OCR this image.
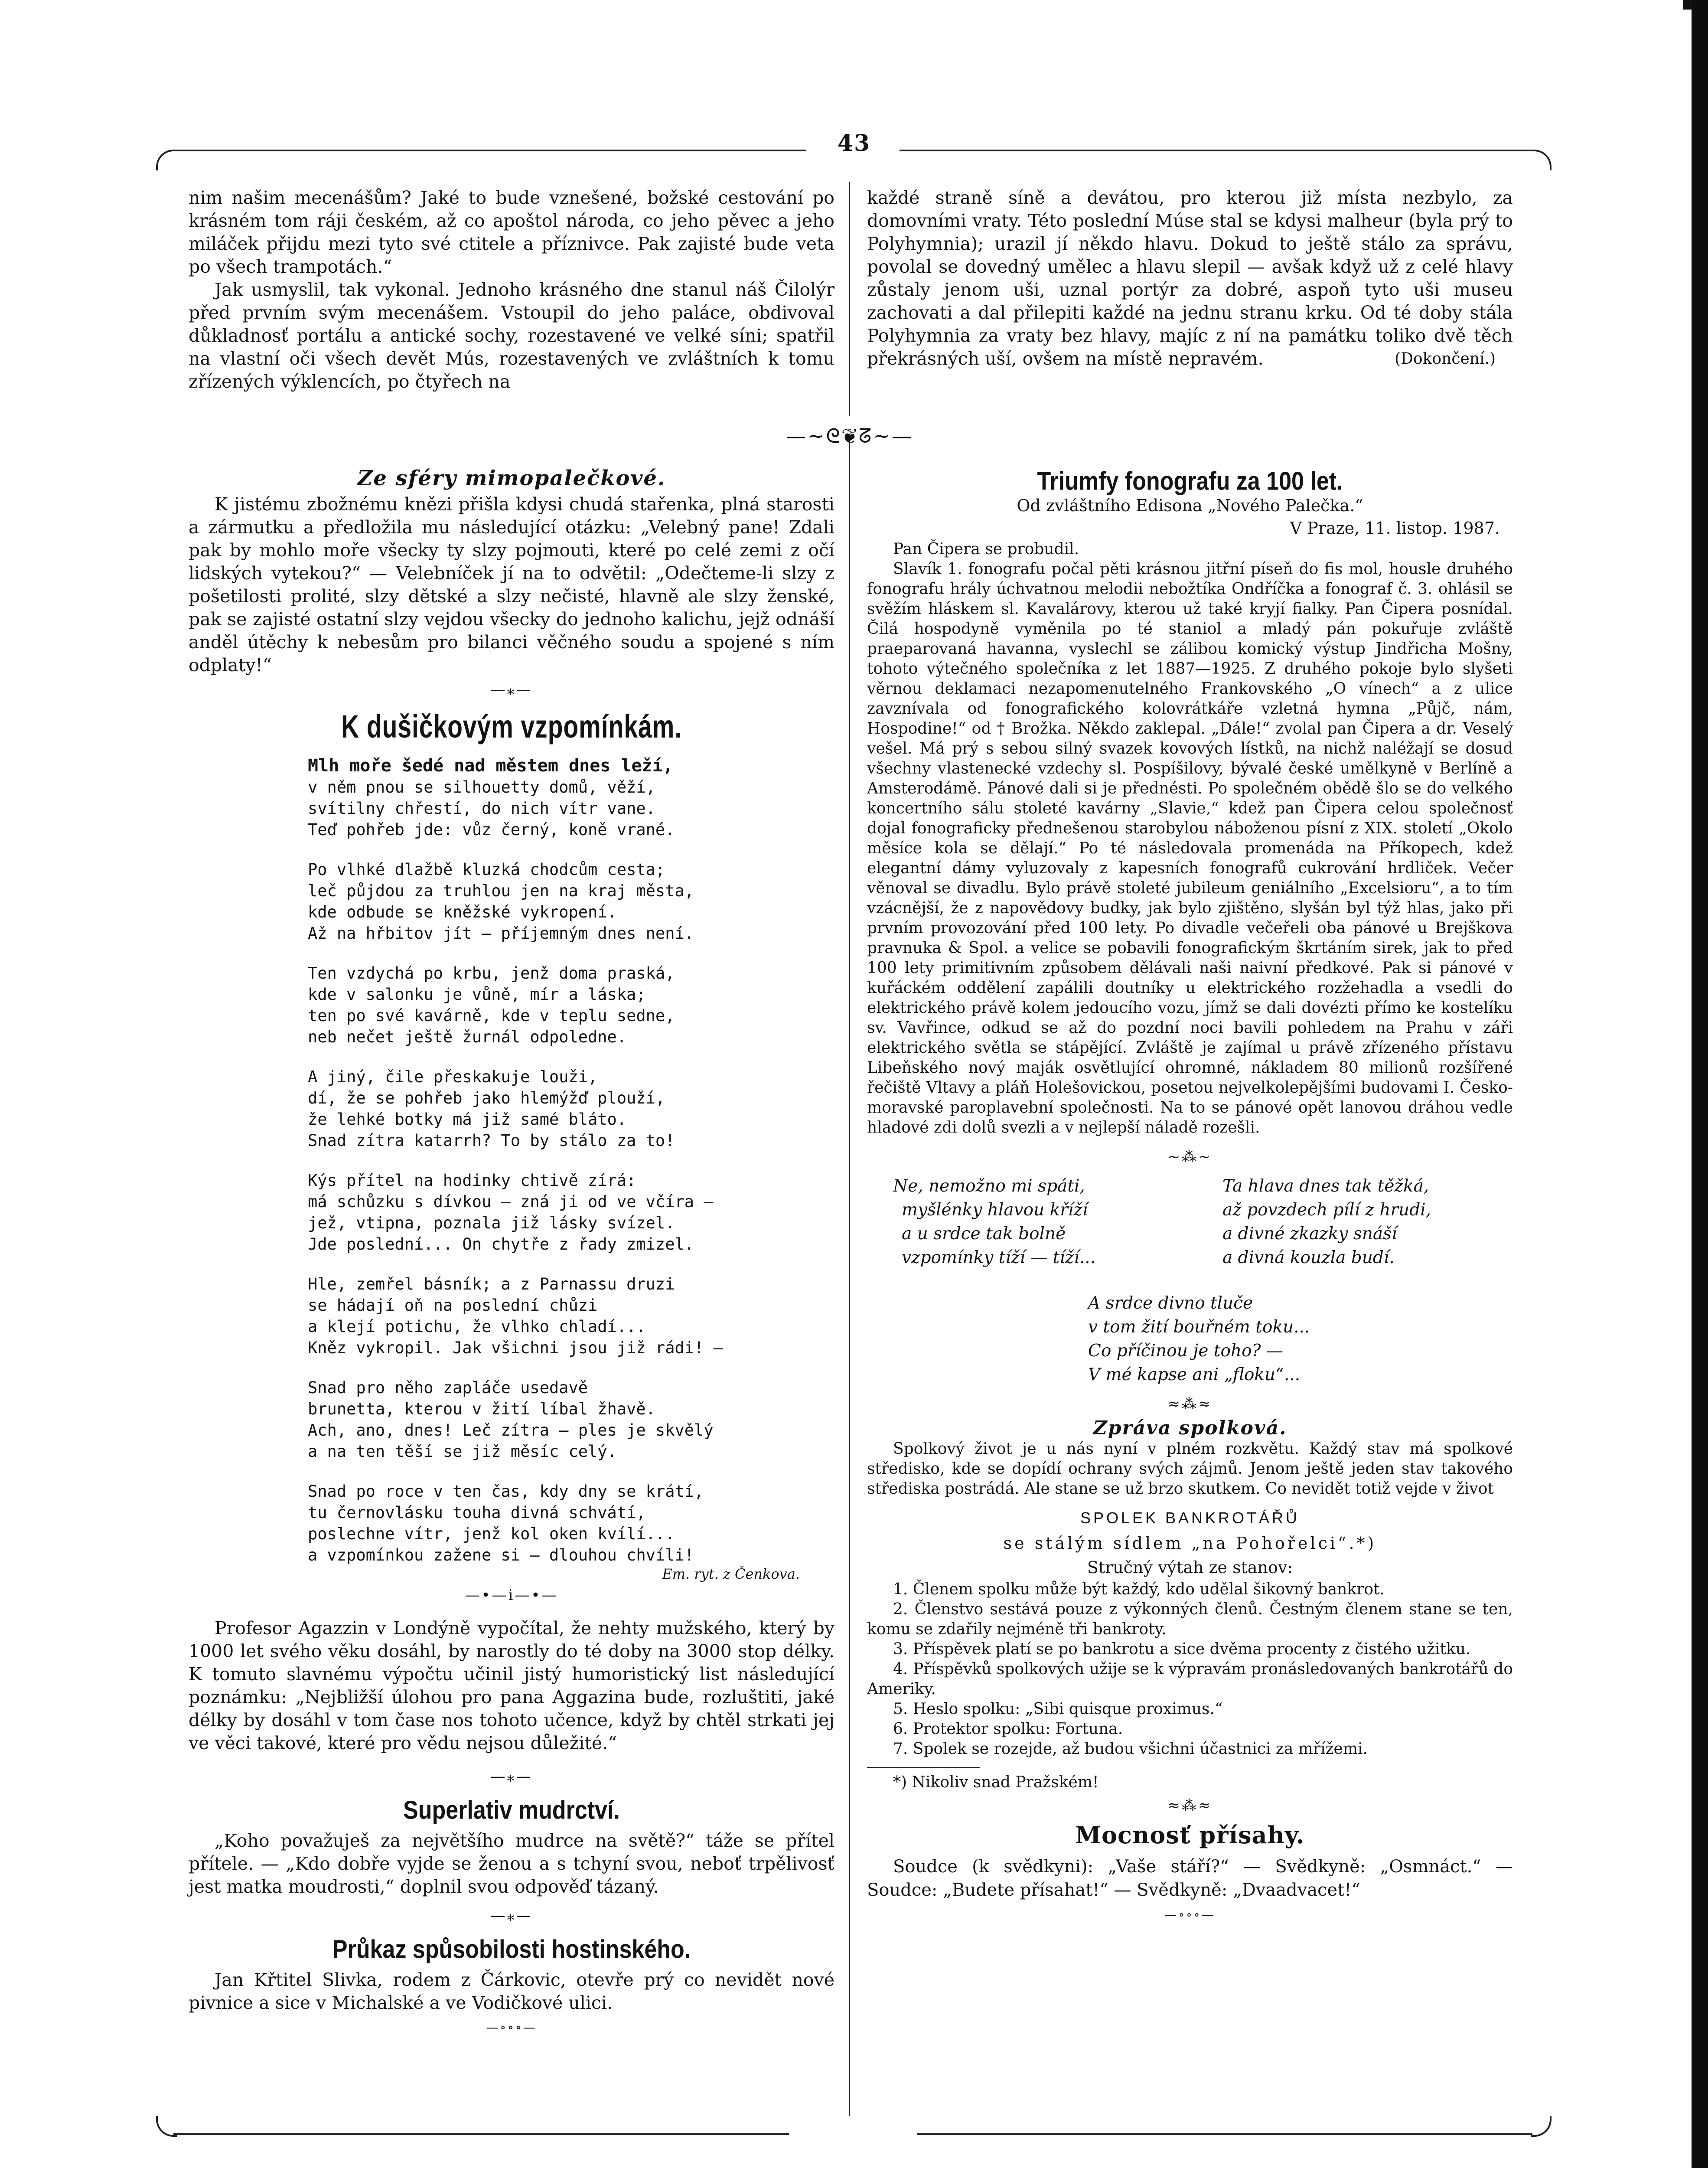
43

nim našim mecenášům? Jaké to bude vznešené, božské cestování po krásném tom ráji českém, až co apoštol národa, co jeho pěvec a jeho miláček přijdu mezi tyto své ctitele a příznivce. Pak zajisté bude veta po všech trampotách.“

Jak usmyslil, tak vykonal. Jednoho krásného dne stanul náš Čilolýr před prvním svým mecenášem. Vstoupil do jeho paláce, obdivoval důkladnosť portálu a antické sochy, rozestavené ve velké síni; spatřil na vlastní oči všech devět Mús, rozestavených ve zvláštních k tomu zřízených výklencích, po čtyřech na

každé straně síně a devátou, pro kterou již místa nezbylo, za domovními vraty. Této poslední Múse stal se kdysi malheur (byla prý to Polyhymnia); urazil jí někdo hlavu. Dokud to ještě stálo za správu, povolal se dovedný umělec a hlavu slepil — avšak když už z celé hlavy zůstaly jenom uši, uznal portýr za dobré, aspoň tyto uši museu zachovati a dal přilepiti každé na jednu stranu krku. Od té doby stála Polyhymnia za vraty bez hlavy, majíc z ní na památku toliko dvě těch překrásných uší, ovšem na místě nepravém.	(Dokončení.)

—~ᘓ❦ᘔ~—
Ze sféry mimopalečkové.

K jistému zbožnému knězi přišla kdysi chudá stařenka, plná starosti a zármutku a předložila mu následující otázku: „Velebný pane! Zdali pak by mohlo moře všecky ty slzy pojmouti, které po celé zemi z očí lidských vytekou?“ — Velebníček jí na to odvětil: „Odečteme-li slzy z pošetilosti prolité, slzy dětské a slzy nečisté, hlavně ale slzy ženské, pak se zajisté ostatní slzy vejdou všecky do jednoho kalichu, jejž odnáší anděl útěchy k nebesům pro bilanci věčného soudu a spojené s ním odplaty!“

—⁎—
K dušičkovým vzpomínkám.
Mlh moře šedé nad městem dnes leží,
v něm pnou se silhouetty domů, věží,
svítilny chřestí, do nich vítr vane.
Teď pohřeb jde: vůz černý, koně vrané.
Po vlhké dlažbě kluzká chodcům cesta;
leč půjdou za truhlou jen na kraj města,
kde odbude se kněžské vykropení.
Až na hřbitov jít — příjemným dnes není.
Ten vzdychá po krbu, jenž doma praská,
kde v salonku je vůně, mír a láska;
ten po své kavárně, kde v teplu sedne,
neb nečet ještě žurnál odpoledne.
A jiný, čile přeskakuje louži,
dí, že se pohřeb jako hlemýžď plouží,
že lehké botky má již samé bláto.
Snad zítra katarrh? To by stálo za to!
Kýs přítel na hodinky chtivě zírá:
má schůzku s dívkou — zná ji od ve včíra —
jež, vtipna, poznala již lásky svízel.
Jde poslední... On chytře z řady zmizel.
Hle, zemřel básník; a z Parnassu druzi
se hádají oň na poslední chůzi
a klejí potichu, že vlhko chladí...
Kněz vykropil. Jak všichni jsou již rádi! —
Snad pro něho zapláče usedavě
brunetta, kterou v žití líbal žhavě.
Ach, ano, dnes! Leč zítra — ples je skvělý
a na ten těší se již měsíc celý.
Snad po roce v ten čas, kdy dny se krátí,
tu černovlásku touha divná schvátí,
poslechne vítr, jenž kol oken kvílí...
a vzpomínkou zažene si — dlouhou chvíli!
Em. ryt. z Čenkova.
—•—i—•—

Profesor Agazzin v Londýně vypočítal, že nehty mužského, který by 1000 let svého věku dosáhl, by narostly do té doby na 3000 stop délky. K tomuto slavnému výpočtu učinil jistý humoristický list následující poznámku: „Nejbližší úlohou pro pana Aggazina bude, rozluštiti, jaké délky by dosáhl v tom čase nos tohoto učence, když by chtěl strkati jej ve věci takové, které pro vědu nejsou důležité.“

—⁎—
Superlativ mudrctví.

„Koho považuješ za největšího mudrce na světě?“ táže se přítel přítele. — „Kdo dobře vyjde se ženou a s tchyní svou, neboť trpělivosť jest matka moudrosti,“ doplnil svou odpověď tázaný.

—⁎—
Průkaz spůsobilosti hostinského.

Jan Křtitel Slivka, rodem z Čárkovic, otevře prý co nevidět nové pivnice a sice v Michalské a ve Vodičkové ulici.

—∘∘∘—
Triumfy fonografu za 100 let.
Od zvláštního Edisona „Nového Palečka.“
V Praze, 11. listop. 1987.

Pan Čipera se probudil.

Slavík 1. fonografu počal pěti krásnou jitřní píseň do fis mol, housle druhého fonografu hrály úchvatnou melodii nebožtíka Ondříčka a fonograf č. 3. ohlásil se svěžím hláskem sl. Kavalárovy, kterou už také kryjí fialky. Pan Čipera posnídal. Čilá hospodyně vyměnila po té staniol a mladý pán pokuřuje zvláště praeparovaná havanna, vyslechl se zálibou komický výstup Jindřicha Mošny, tohoto výtečného společníka z let 1887—1925. Z druhého pokoje bylo slyšeti věrnou deklamaci nezapomenutelného Frankovského „O vínech“ a z ulice zavznívala od fonografického kolovrátkáře vzletná hymna „Půjč, nám, Hospodine!“ od † Brožka. Někdo zaklepal. „Dále!“ zvolal pan Čipera a dr. Veselý vešel. Má prý s sebou silný svazek kovových lístků, na nichž naléžají se dosud všechny vlastenecké vzdechy sl. Pospíšilovy, bývalé české umělkyně v Berlíně a Amsterodámě. Pánové dali si je přednésti. Po společném obědě šlo se do velkého koncertního sálu stoleté kavárny „Slavie,“ kdež pan Čipera celou společnosť dojal fonograficky přednešenou starobylou náboženou písní z XIX. století „Okolo měsíce kola se dělají.“ Po té následovala promenáda na Příkopech, kdež elegantní dámy vyluzovaly z kapesních fonografů cukrování hrdliček. Večer věnoval se divadlu. Bylo právě stoleté jubileum geniálního „Excelsioru“, a to tím vzácnější, že z napovědovy budky, jak bylo zjištěno, slyšán byl týž hlas, jako při prvním provozování před 100 lety. Po divadle večeřeli oba pánové u Brejškova pravnuka & Spol. a velice se pobavili fonografickým škrtáním sirek, jak to před 100 lety primitivním způsobem dělávali naši naivní předkové. Pak si pánové v kuřáckém oddělení zapálili doutníky u elektrického rozžehadla a vsedli do elektrického právě kolem jedoucího vozu, jímž se dali dovézti přímo ke kostelíku sv. Vavřince, odkud se až do pozdní noci bavili pohledem na Prahu v záři elektrického světla se stápějící. Zvláště je zajímal u právě zřízeného přístavu Libeňského nový maják osvětlující ohromné, nákladem 80 milionů rozšířené řečiště Vltavy a pláň Holešovickou, posetou nejvelkolepějšími budovami I. Česko-moravské paroplavební společnosti. Na to se pánové opět lanovou dráhou vedle hladové zdi dolů svezli a v nejlepší náladě rozešli.

~⁂~
Ne, nemožno mi spáti,
myšlénky hlavou kříží
a u srdce tak bolně
vzpomínky tíží — tíží...
Ta hlava dnes tak těžká,
až povzdech pílí z hrudi,
a divné zkazky snáší
a divná kouzla budí.
A srdce divno tluče
v tom žití bouřném toku...
Co příčinou je toho? —
V mé kapse ani „floku“...
≈⁂≈
Zpráva spolková.

Spolkový život je u nás nyní v plném rozkvětu. Každý stav má spolkové středisko, kde se dopídí ochrany svých zájmů. Jenom ještě jeden stav takového střediska postrádá. Ale stane se už brzo skutkem. Co nevidět totiž vejde v život

SPOLEK BANKROTÁŘŮ
se stálým sídlem „na Pohořelci“.*)
Stručný výtah ze stanov:

1. Členem spolku může být každý, kdo udělal šikovný bankrot.

2. Členstvo sestává pouze z výkonných členů. Čestným členem stane se ten, komu se zdařily nejméně tři bankroty.

3. Příspěvek platí se po bankrotu a sice dvěma procenty z čistého užitku.

4. Příspěvků spolkových užije se k výpravám pronásledovaných bankrotářů do Ameriky.

5. Heslo spolku: „Sibi quisque proximus.“

6. Protektor spolku: Fortuna.

7. Spolek se rozejde, až budou všichni účastnici za mřížemi.

*) Nikoliv snad Pražském!

≈⁂≈
Mocnosť přísahy.

Soudce (k svědkyni): „Vaše stáří?“ — Svědkyně: „Osmnáct.“ — Soudce: „Budete přísahat!“ — Svědkyně: „Dvaadvacet!“

—∘∘∘—
